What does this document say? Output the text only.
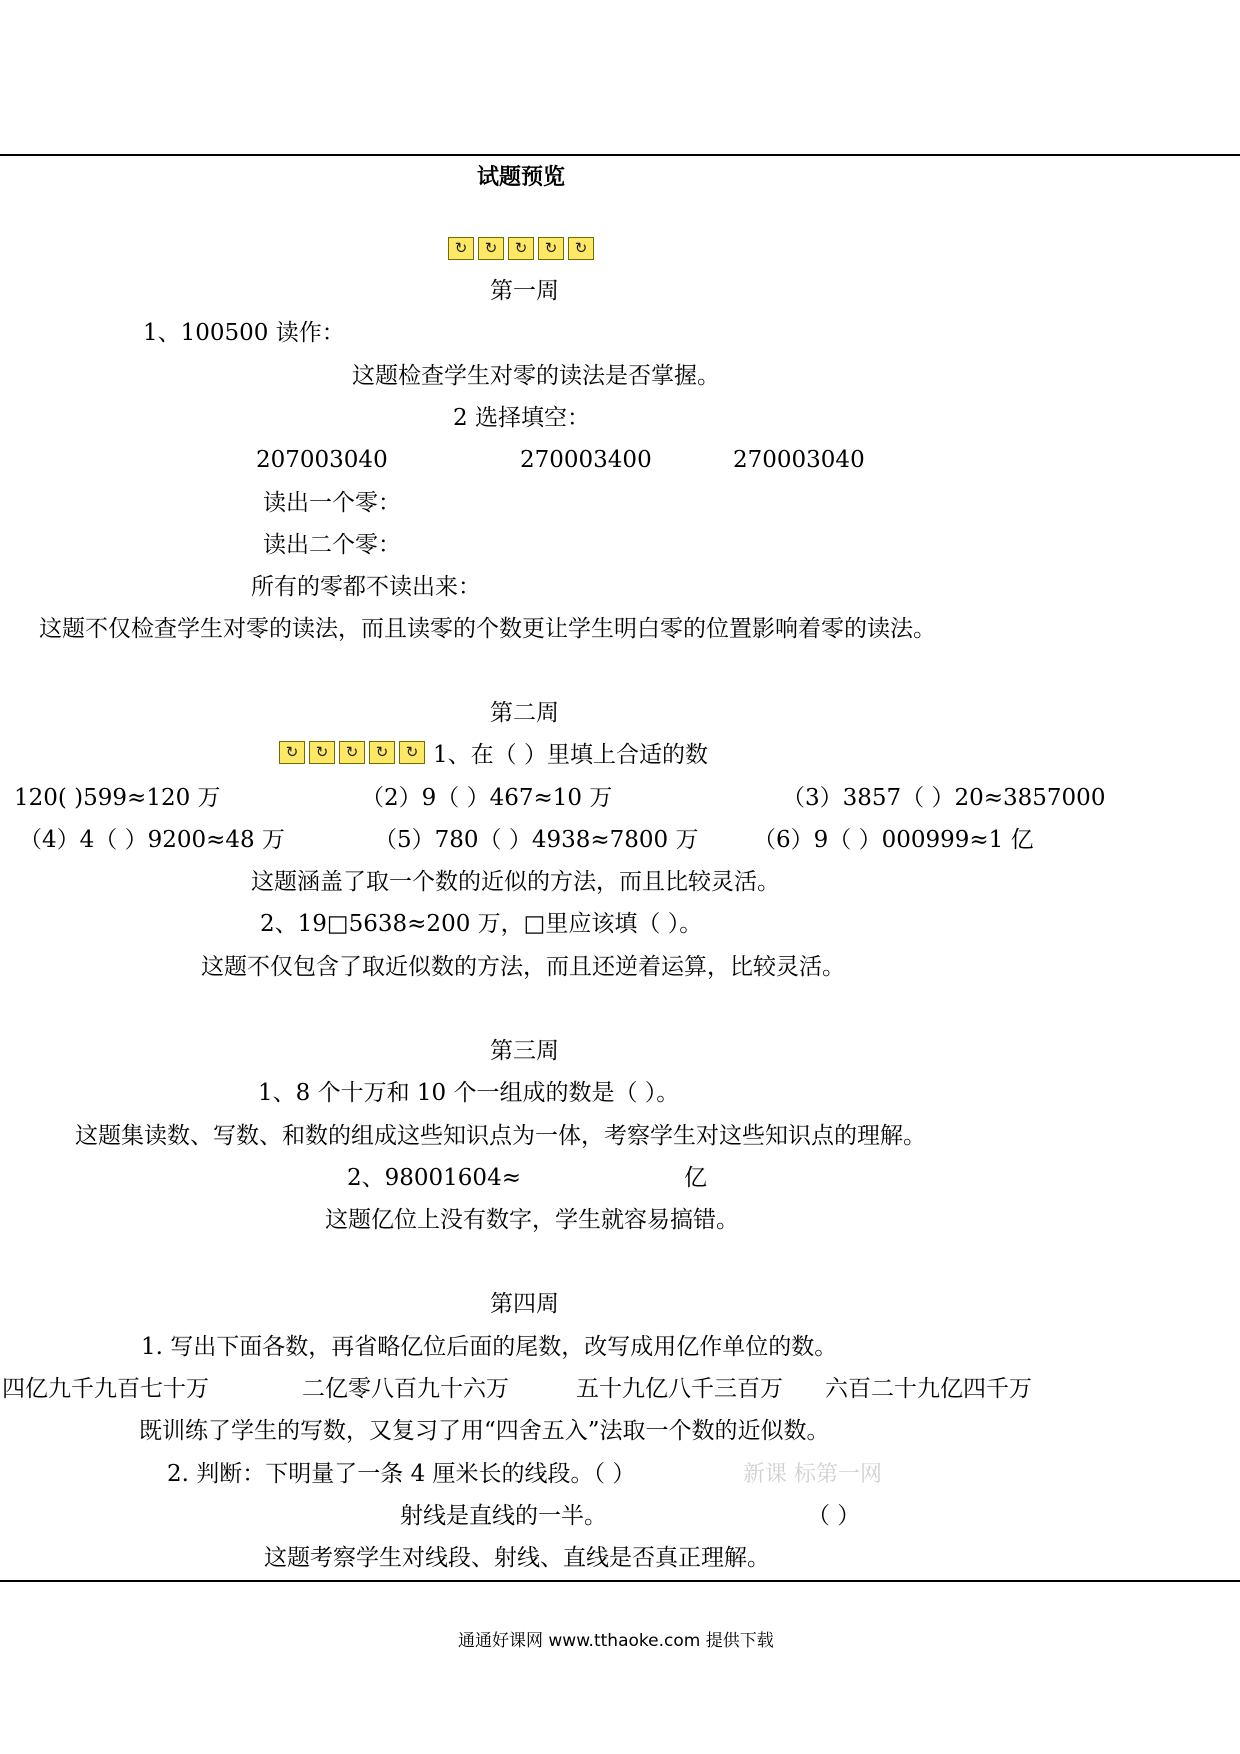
试题预览
↻	↻	↻	↻	↻
第一周
1、100500 读作：
这题检查学生对零的读法是否掌握。
2 选择填空：
207003040	270003400	270003040
读出一个零：
读出二个零：
所有的零都不读出来：
这题不仅检查学生对零的读法，而且读零的个数更让学生明白零的位置影响着零的读法。
第二周
↻	↻	↻	↻	↻ 1、在（ ）里填上合适的数
120( )599≈120 万	（2）9（ ）467≈10 万	（3）3857（ ）20≈3857000
（4）4（ ）9200≈48 万	（5）780（ ）4938≈7800 万 （6）9（ ）000999≈1 亿
这题涵盖了取一个数的近似的方法，而且比较灵活。
2、19□5638≈200 万，□里应该填（ ）。
这题不仅包含了取近似数的方法，而且还逆着运算，比较灵活。
第三周
1、8 个十万和 10 个一组成的数是（ ）。
这题集读数、写数、和数的组成这些知识点为一体，考察学生对这些知识点的理解。
2、98001604≈	亿
这题亿位上没有数字，学生就容易搞错。
第四周
1. 写出下面各数，再省略亿位后面的尾数，改写成用亿作单位的数。
四亿九千九百七十万	二亿零八百九十六万	五十九亿八千三百万 六百二十九亿四千万
既训练了学生的写数，又复习了用“四舍五入”法取一个数的近似数。
2. 判断：下明量了一条 4 厘米长的线段。（ ）	新课 标第一网
射线是直线的一半。	（ ）
这题考察学生对线段、射线、直线是否真正理解。
通通好课网 www.tthaoke.com 提供下载
